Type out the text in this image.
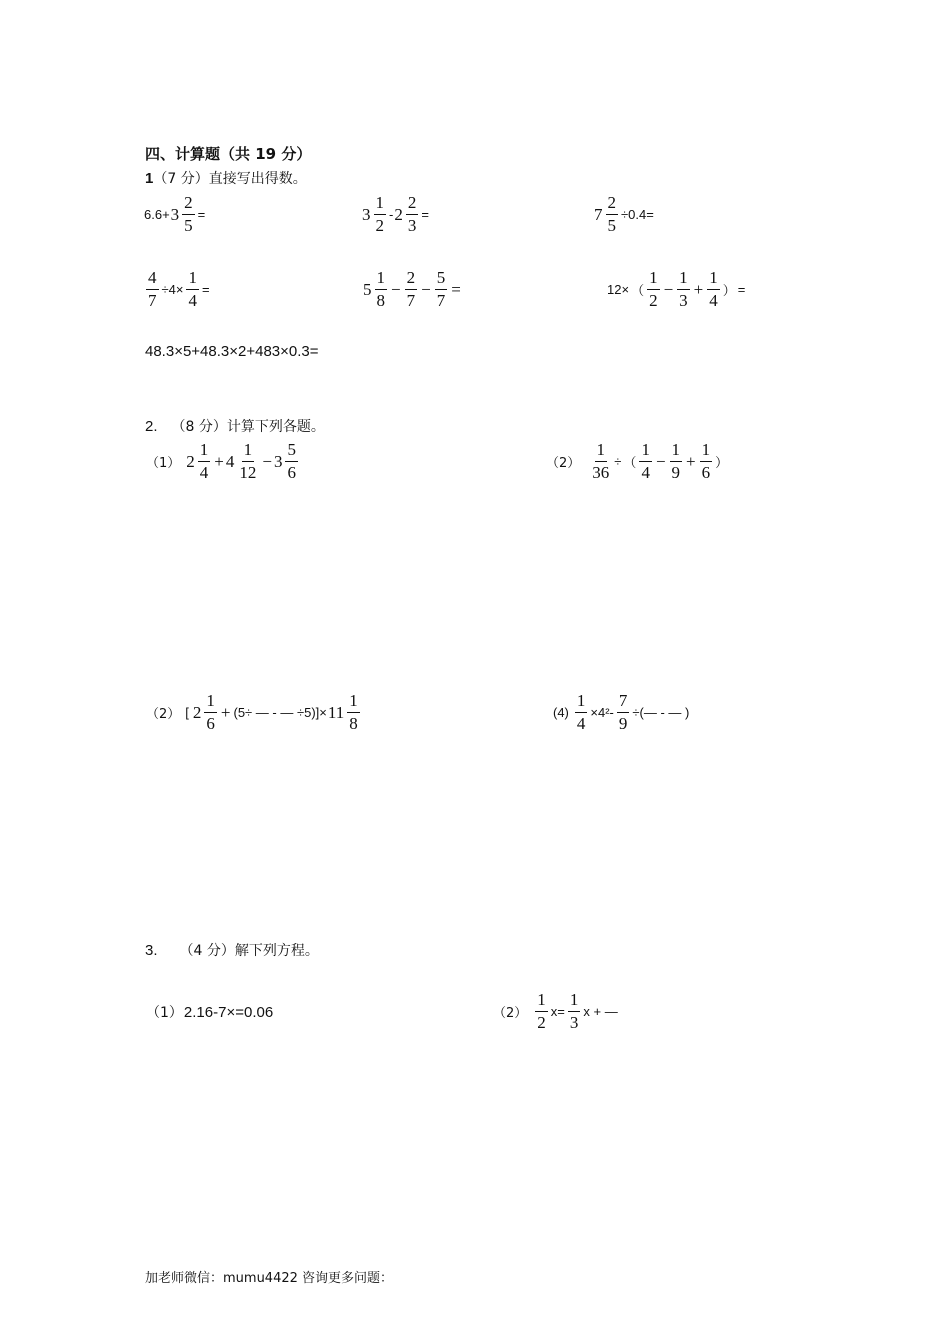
四、计算题（共 19 分）
1（7 分）直接写出得数。
$6.6+ 3 \frac{2}{5}$ =	$3 \frac{1}{2} - 2 \frac{2}{3}$ =	$7 \frac{2}{5} \div 0.4=$
$\frac{4}{7} \div 4\times \frac{1}{4}$ =	$5 \frac{1}{8} - \frac{2}{7} - \frac{5}{7}$ =	12× （ $\frac{1}{2} - \frac{1}{3} + \frac{1}{4}$ ） =
48.3×5+48.3×2+483×0.3=
2. （8 分）计算下列各题。
（1） $2 \frac{1}{4} + 4 \frac{1}{12} - 3 \frac{5}{6}$	$(2) \frac{1}{36}$ ÷ （ $\frac{1}{4} - \frac{1}{9} + \frac{1}{6}$ ）
（2） [ $2 \frac{1}{6} + (5\div$ — - — $\div 5)]\times 11 \frac{1}{8}$	$(4) \frac{1}{4} \times 4^2- \frac{7}{9}$ ÷(— - — )
3. （4 分）解下列方程。
（1）2.16-7×=0.06	$(2) \frac{1}{2} x= \frac{1}{3}$ x + —
加老师微信：mumu4422 咨询更多问题：
